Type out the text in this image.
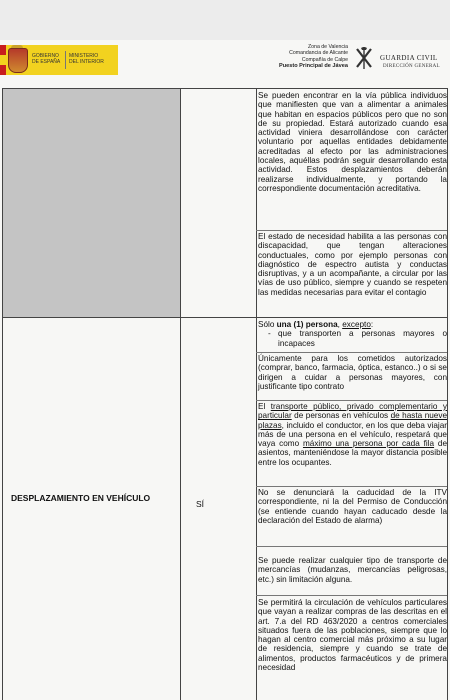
GOBIERNO
DE ESPAÑA
MINISTERIO
DEL INTERIOR
Zona de Valencia
Comandancia de Alicante
Compañía de Calpe
Puesto Principal de Jávea
GUARDIA CIVIL
DIRECCIÓN GENERAL
Se pueden encontrar en la vía pública individuos que manifiesten que van a alimentar a animales que habitan en espacios públicos pero que no son de su propiedad. Estará autorizado cuando esa actividad viniera desarrollándose con carácter voluntario por aquellas entidades debidamente acreditadas al efecto por las administraciones locales, aquéllas podrán seguir desarrollando esta actividad. Estos desplazamientos deberán realizarse individualmente, y portando la correspondiente documentación acreditativa.
El estado de necesidad habilita a las personas con discapacidad, que tengan alteraciones conductuales, como por ejemplo personas con diagnóstico de espectro autista y conductas disruptivas, y a un acompañante, a circular por las vías de uso público, siempre y cuando se respeten las medidas necesarias para evitar el contagio
DESPLAZAMIENTO EN VEHÍCULO
SÍ
Sólo una (1) persona, excepto:
- que transporten a personas mayores o incapaces
Únicamente para los cometidos autorizados (comprar, banco, farmacia, óptica, estanco..) o si se dirigen a cuidar a personas mayores, con justificante tipo contrato
El transporte público, privado complementario y particular de personas en vehículos de hasta nueve plazas, incluido el conductor, en los que deba viajar más de una persona en el vehículo, respetará que vaya como máximo una persona por cada fila de asientos, manteniéndose la mayor distancia posible entre los ocupantes.
No se denunciará la caducidad de la ITV correspondiente, ni la del Permiso de Conducción (se entiende cuando hayan caducado desde la declaración del Estado de alarma)
Se puede realizar cualquier tipo de transporte de mercancías (mudanzas, mercancías peligrosas, etc.) sin limitación alguna.
Se permitirá la circulación de vehículos particulares que vayan a realizar compras de las descritas en el art. 7.a del RD 463/2020 a centros comerciales situados fuera de las poblaciones, siempre que lo hagan al centro comercial más próximo a su lugar de residencia, siempre y cuando se trate de alimentos, productos farmacéuticos y de primera necesidad
